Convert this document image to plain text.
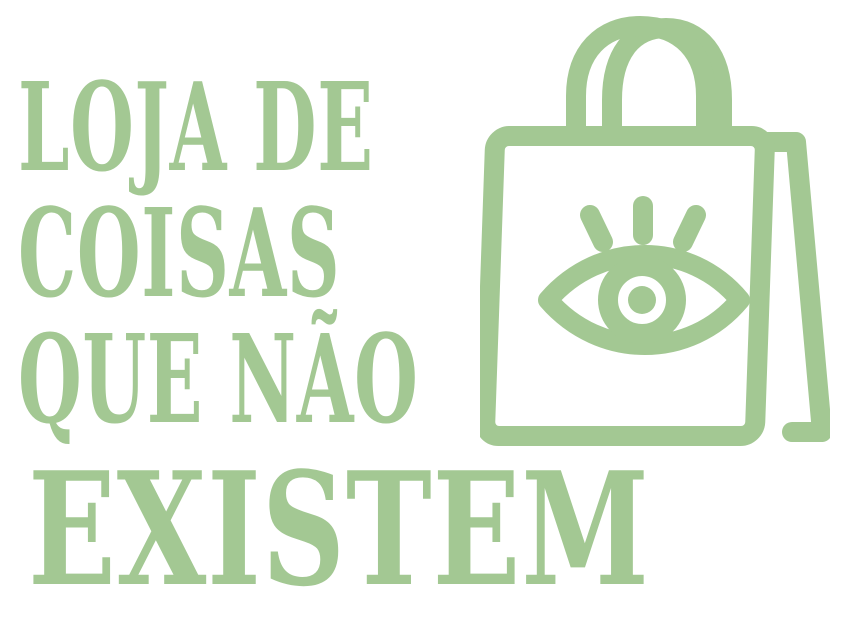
LOJA DE
COISAS
QUE NÃO
EXISTEM
